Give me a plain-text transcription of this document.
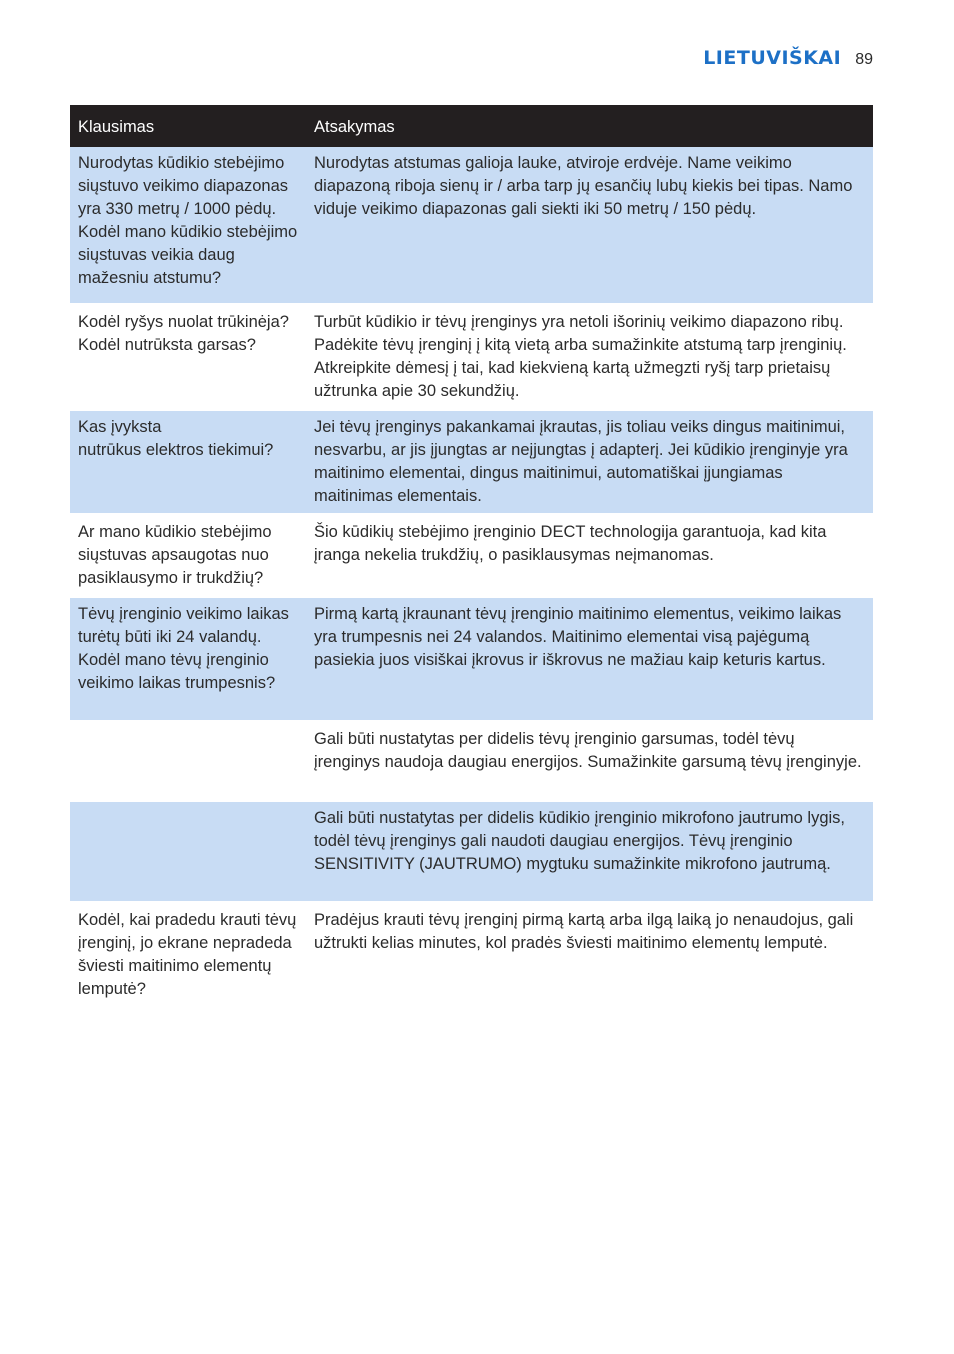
LIETUVIŠKAI 89
Klausimas	Atsakymas
Nurodytas kūdikio stebėjimo siųstuvo veikimo diapazonas yra 330 metrų / 1000 pėdų. Kodėl mano kūdikio stebėjimo siųstuvas veikia daug mažesniu atstumu?	Nurodytas atstumas galioja lauke, atviroje erdvėje. Name veikimo diapazoną riboja sienų ir / arba tarp jų esančių lubų kiekis bei tipas. Namo viduje veikimo diapazonas gali siekti iki 50 metrų / 150 pėdų.
Kodėl ryšys nuolat trūkinėja? Kodėl nutrūksta garsas?	Turbūt kūdikio ir tėvų įrenginys yra netoli išorinių veikimo diapazono ribų. Padėkite tėvų įrenginį į kitą vietą arba sumažinkite atstumą tarp įrenginių. Atkreipkite dėmesį į tai, kad kiekvieną kartą užmegzti ryšį tarp prietaisų užtrunka apie 30 sekundžių.
Kas įvyksta
nutrūkus elektros tiekimui?	Jei tėvų įrenginys pakankamai įkrautas, jis toliau veiks dingus maitinimui, nesvarbu, ar jis įjungtas ar neįjungtas į adapterį. Jei kūdikio įrenginyje yra maitinimo elementai, dingus maitinimui, automatiškai įjungiamas maitinimas elementais.
Ar mano kūdikio stebėjimo siųstuvas apsaugotas nuo pasiklausymo ir trukdžių?	Šio kūdikių stebėjimo įrenginio DECT technologija garantuoja, kad kita įranga nekelia trukdžių, o pasiklausymas neįmanomas.
Tėvų įrenginio veikimo laikas turėtų būti iki 24 valandų. Kodėl mano tėvų įrenginio veikimo laikas trumpesnis?	Pirmą kartą įkraunant tėvų įrenginio maitinimo elementus, veikimo laikas yra trumpesnis nei 24 valandos. Maitinimo elementai visą pajėgumą pasiekia juos visiškai įkrovus ir iškrovus ne mažiau kaip keturis kartus.
	Gali būti nustatytas per didelis tėvų įrenginio garsumas, todėl tėvų įrenginys naudoja daugiau energijos. Sumažinkite garsumą tėvų įrenginyje.
	Gali būti nustatytas per didelis kūdikio įrenginio mikrofono jautrumo lygis, todėl tėvų įrenginys gali naudoti daugiau energijos. Tėvų įrenginio SENSITIVITY (JAUTRUMO) mygtuku sumažinkite mikrofono jautrumą.
Kodėl, kai pradedu krauti tėvų įrenginį, jo ekrane nepradeda šviesti maitinimo elementų lemputė?	Pradėjus krauti tėvų įrenginį pirmą kartą arba ilgą laiką jo nenaudojus, gali užtrukti kelias minutes, kol pradės šviesti maitinimo elementų lemputė.
